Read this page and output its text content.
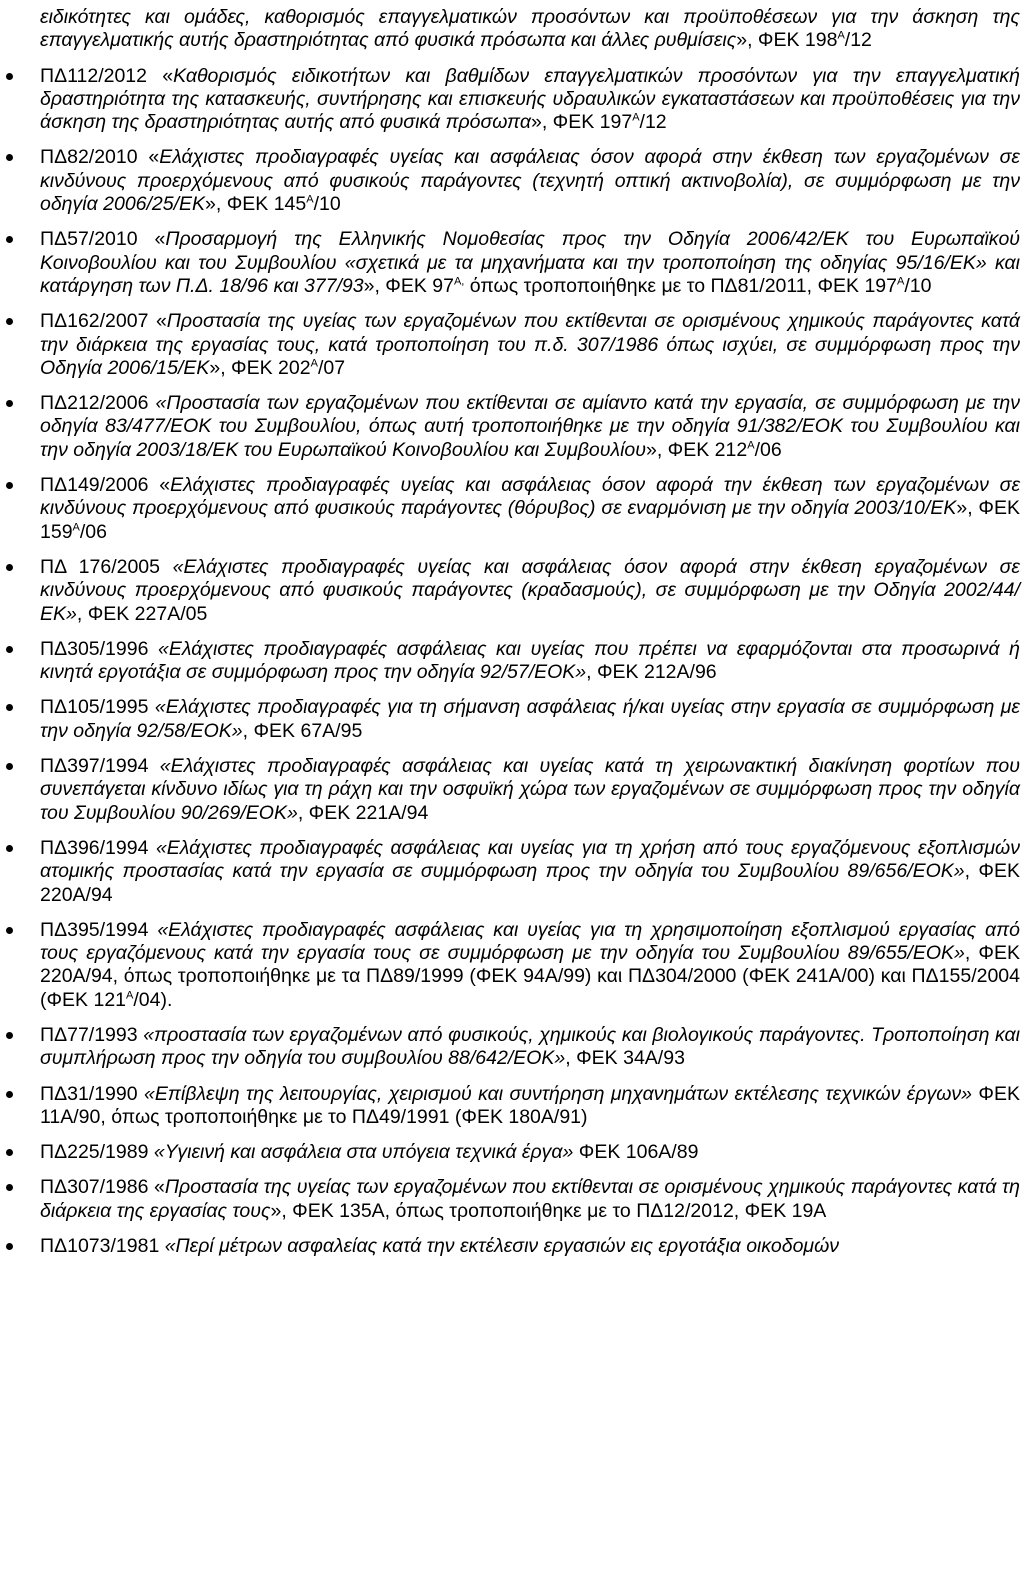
ειδικότητες και ομάδες, καθορισμός επαγγελματικών προσόντων και προϋποθέσεων για την άσκηση της επαγγελματικής αυτής δραστηριότητας από φυσικά πρόσωπα και άλλες ρυθμίσεις», ΦΕΚ $198^A/12$
ΠΔ112/2012 «Καθορισμός ειδικοτήτων και βαθμίδων επαγγελματικών προσόντων για την επαγγελματική δραστηριότητα της κατασκευής, συντήρησης και επισκευής υδραυλικών εγκαταστάσεων και προϋποθέσεις για την άσκηση της δραστηριότητας αυτής από φυσικά πρόσωπα», ΦΕΚ $197^A/12$
ΠΔ82/2010 «Ελάχιστες προδιαγραφές υγείας και ασφάλειας όσον αφορά στην έκθεση των εργαζομένων σε κινδύνους προερχόμενους από φυσικούς παράγοντες (τεχνητή οπτική ακτινοβολία), σε συμμόρφωση με την οδηγία 2006/25/ΕΚ», ΦΕΚ $145^A/10$
ΠΔ57/2010 «Προσαρμογή της Ελληνικής Νομοθεσίας προς την Οδηγία 2006/42/ΕΚ του Ευρωπαϊκού Κοινοβουλίου και του Συμβουλίου «σχετικά με τα μηχανήματα και την τροποποίηση της οδηγίας 95/16/ΕΚ» και κατάργηση των Π.Δ. 18/96 και 377/93», ΦΕΚ $97^{A,}$ όπως τροποποιήθηκε με το ΠΔ81/2011, ΦΕΚ $197^A/10$
ΠΔ162/2007 «Προστασία της υγείας των εργαζομένων που εκτίθενται σε ορισμένους χημικούς παράγοντες κατά την διάρκεια της εργασίας τους, κατά τροποποίηση του π.δ. 307/1986 όπως ισχύει, σε συμμόρφωση προς την Οδηγία 2006/15/ΕΚ», ΦΕΚ $202^A/07$
ΠΔ212/2006 «Προστασία των εργαζομένων που εκτίθενται σε αμίαντο κατά την εργασία, σε συμμόρφωση με την οδηγία 83/477/ΕΟΚ του Συμβουλίου, όπως αυτή τροποποιήθηκε με την οδηγία 91/382/ΕΟΚ του Συμβουλίου και την οδηγία 2003/18/ΕΚ του Ευρωπαϊκού Κοινοβουλίου και Συμβουλίου», ΦΕΚ $212^A/06$
ΠΔ149/2006 «Ελάχιστες προδιαγραφές υγείας και ασφάλειας όσον αφορά την έκθεση των εργαζομένων σε κινδύνους προερχόμενους από φυσικούς παράγοντες (θόρυβος) σε εναρμόνιση με την οδηγία 2003/10/ΕΚ», ΦΕΚ $159^A/06$
ΠΔ 176/2005 «Ελάχιστες προδιαγραφές υγείας και ασφάλειας όσον αφορά στην έκθεση εργαζομένων σε κινδύνους προερχόμενους από φυσικούς παράγοντες (κραδασμούς), σε συμμόρφωση με την Οδηγία 2002/44/ΕΚ», ΦΕΚ 227Α/05
ΠΔ305/1996 «Ελάχιστες προδιαγραφές ασφάλειας και υγείας που πρέπει να εφαρμόζονται στα προσωρινά ή κινητά εργοτάξια σε συμμόρφωση προς την οδηγία 92/57/ΕΟΚ», ΦΕΚ 212Α/96
ΠΔ105/1995 «Ελάχιστες προδιαγραφές για τη σήμανση ασφάλειας ή/και υγείας στην εργασία σε συμμόρφωση με την οδηγία 92/58/ΕΟΚ», ΦΕΚ 67Α/95
ΠΔ397/1994 «Ελάχιστες προδιαγραφές ασφάλειας και υγείας κατά τη χειρωνακτική διακίνηση φορτίων που συνεπάγεται κίνδυνο ιδίως για τη ράχη και την οσφυϊκή χώρα των εργαζομένων σε συμμόρφωση προς την οδηγία του Συμβουλίου 90/269/ΕΟΚ», ΦΕΚ 221Α/94
ΠΔ396/1994 «Ελάχιστες προδιαγραφές ασφάλειας και υγείας για τη χρήση από τους εργαζόμενους εξοπλισμών ατομικής προστασίας κατά την εργασία σε συμμόρφωση προς την οδηγία του Συμβουλίου 89/656/ΕΟΚ», ΦΕΚ 220Α/94
ΠΔ395/1994 «Ελάχιστες προδιαγραφές ασφάλειας και υγείας για τη χρησιμοποίηση εξοπλισμού εργασίας από τους εργαζόμενους κατά την εργασία τους σε συμμόρφωση με την οδηγία του Συμβουλίου 89/655/ΕΟΚ», ΦΕΚ 220Α/94, όπως τροποποιήθηκε με τα ΠΔ89/1999 (ΦΕΚ 94Α/99) και ΠΔ304/2000 (ΦΕΚ 241Α/00) και ΠΔ155/2004 (ΦΕΚ $121^A/04$).
ΠΔ77/1993 «προστασία των εργαζομένων από φυσικούς, χημικούς και βιολογικούς παράγοντες. Τροποποίηση και συμπλήρωση προς την οδηγία του συμβουλίου 88/642/ΕΟΚ», ΦΕΚ 34Α/93
ΠΔ31/1990 «Επίβλεψη της λειτουργίας, χειρισμού και συντήρηση μηχανημάτων εκτέλεσης τεχνικών έργων» ΦΕΚ 11Α/90, όπως τροποποιήθηκε με το ΠΔ49/1991 (ΦΕΚ 180Α/91)
ΠΔ225/1989 «Υγιεινή και ασφάλεια στα υπόγεια τεχνικά έργα» ΦΕΚ 106Α/89
ΠΔ307/1986 «Προστασία της υγείας των εργαζομένων που εκτίθενται σε ορισμένους χημικούς παράγοντες κατά τη διάρκεια της εργασίας τους», ΦΕΚ 135Α, όπως τροποποιήθηκε με το ΠΔ12/2012, ΦΕΚ 19Α
ΠΔ1073/1981 «Περί μέτρων ασφαλείας κατά την εκτέλεσιν εργασιών εις εργοτάξια οικοδομών
